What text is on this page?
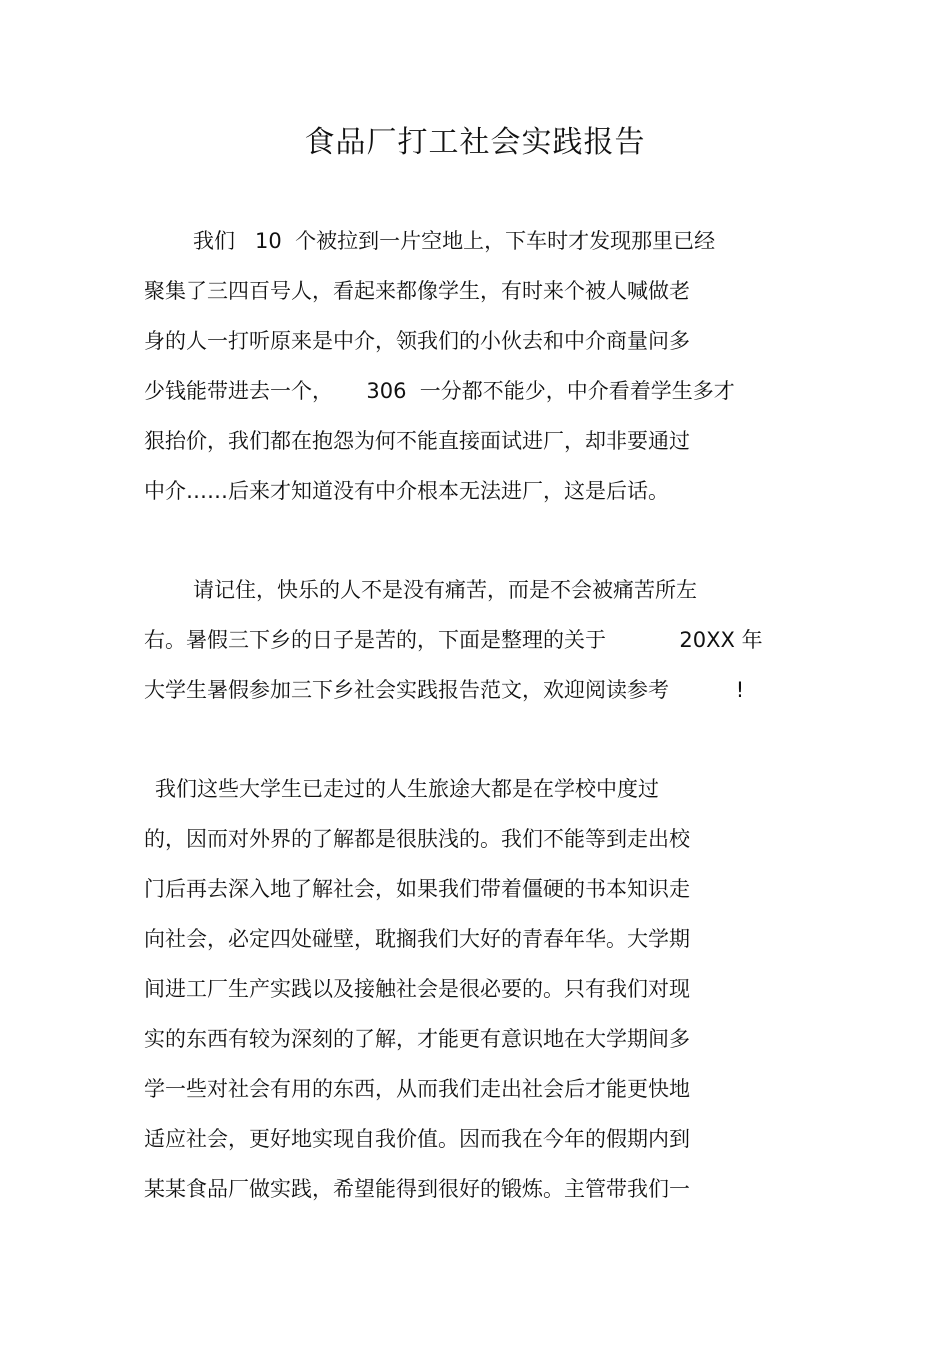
食品厂打工社会实践报告
我们   10  个被拉到一片空地上，下车时才发现那里已经
聚集了三四百号人，看起来都像学生，有时来个被人喊做老
身的人一打听原来是中介，领我们的小伙去和中介商量问多
少钱能带进去一个，     306  一分都不能少，中介看着学生多才
狠抬价，我们都在抱怨为何不能直接面试进厂，却非要通过
中介……后来才知道没有中介根本无法进厂，这是后话。
请记住，快乐的人不是没有痛苦，而是不会被痛苦所左
右。暑假三下乡的日子是苦的，下面是整理的关于           20XX 年
大学生暑假参加三下乡社会实践报告范文，欢迎阅读参考          !
我们这些大学生已走过的人生旅途大都是在学校中度过
的，因而对外界的了解都是很肤浅的。我们不能等到走出校
门后再去深入地了解社会，如果我们带着僵硬的书本知识走
向社会，必定四处碰壁，耽搁我们大好的青春年华。大学期
间进工厂生产实践以及接触社会是很必要的。只有我们对现
实的东西有较为深刻的了解，才能更有意识地在大学期间多
学一些对社会有用的东西，从而我们走出社会后才能更快地
适应社会，更好地实现自我价值。因而我在今年的假期内到
某某食品厂做实践，希望能得到很好的锻炼。主管带我们一
